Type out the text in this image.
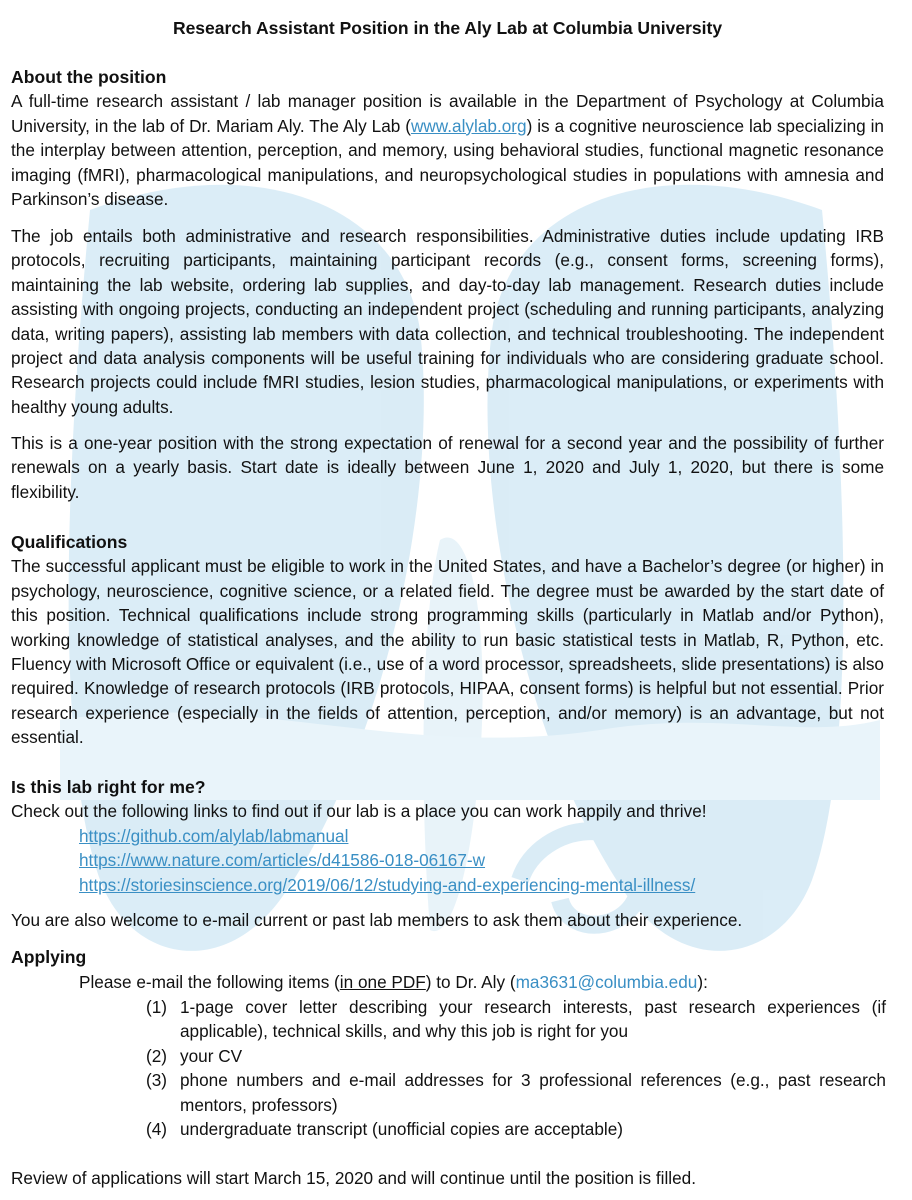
Research Assistant Position in the Aly Lab at Columbia University
About the position

A full-time research assistant / lab manager position is available in the Department of Psychology at Columbia University, in the lab of Dr. Mariam Aly. The Aly Lab (www.alylab.org) is a cognitive neuroscience lab specializing in the interplay between attention, perception, and memory, using behavioral studies, functional magnetic resonance imaging (fMRI), pharmacological manipulations, and neuropsychological studies in populations with amnesia and Parkinson’s disease.

The job entails both administrative and research responsibilities. Administrative duties include updating IRB protocols, recruiting participants, maintaining participant records (e.g., consent forms, screening forms), maintaining the lab website, ordering lab supplies, and day-to-day lab management. Research duties include assisting with ongoing projects, conducting an independent project (scheduling and running participants, analyzing data, writing papers), assisting lab members with data collection, and technical troubleshooting. The independent project and data analysis components will be useful training for individuals who are considering graduate school. Research projects could include fMRI studies, lesion studies, pharmacological manipulations, or experiments with healthy young adults.

This is a one-year position with the strong expectation of renewal for a second year and the possibility of further renewals on a yearly basis. Start date is ideally between June 1, 2020 and July 1, 2020, but there is some flexibility.

Qualifications

The successful applicant must be eligible to work in the United States, and have a Bachelor’s degree (or higher) in psychology, neuroscience, cognitive science, or a related field. The degree must be awarded by the start date of this position. Technical qualifications include strong programming skills (particularly in Matlab and/or Python), working knowledge of statistical analyses, and the ability to run basic statistical tests in Matlab, R, Python, etc. Fluency with Microsoft Office or equivalent (i.e., use of a word processor, spreadsheets, slide presentations) is also required. Knowledge of research protocols (IRB protocols, HIPAA, consent forms) is helpful but not essential. Prior research experience (especially in the fields of attention, perception, and/or memory) is an advantage, but not essential.

Is this lab right for me?

Check out the following links to find out if our lab is a place you can work happily and thrive!

https://github.com/alylab/labmanual
https://www.nature.com/articles/d41586-018-06167-w
https://storiesinscience.org/2019/06/12/studying-and-experiencing-mental-illness/

You are also welcome to e-mail current or past lab members to ask them about their experience.

Applying
Please e-mail the following items (in one PDF) to Dr. Aly (ma3631@columbia.edu):
(1) 1-page cover letter describing your research interests, past research experiences (if applicable), technical skills, and why this job is right for you
(2) your CV
(3) phone numbers and e-mail addresses for 3 professional references (e.g., past research mentors, professors)
(4) undergraduate transcript (unofficial copies are acceptable)

Review of applications will start March 15, 2020 and will continue until the position is filled.
